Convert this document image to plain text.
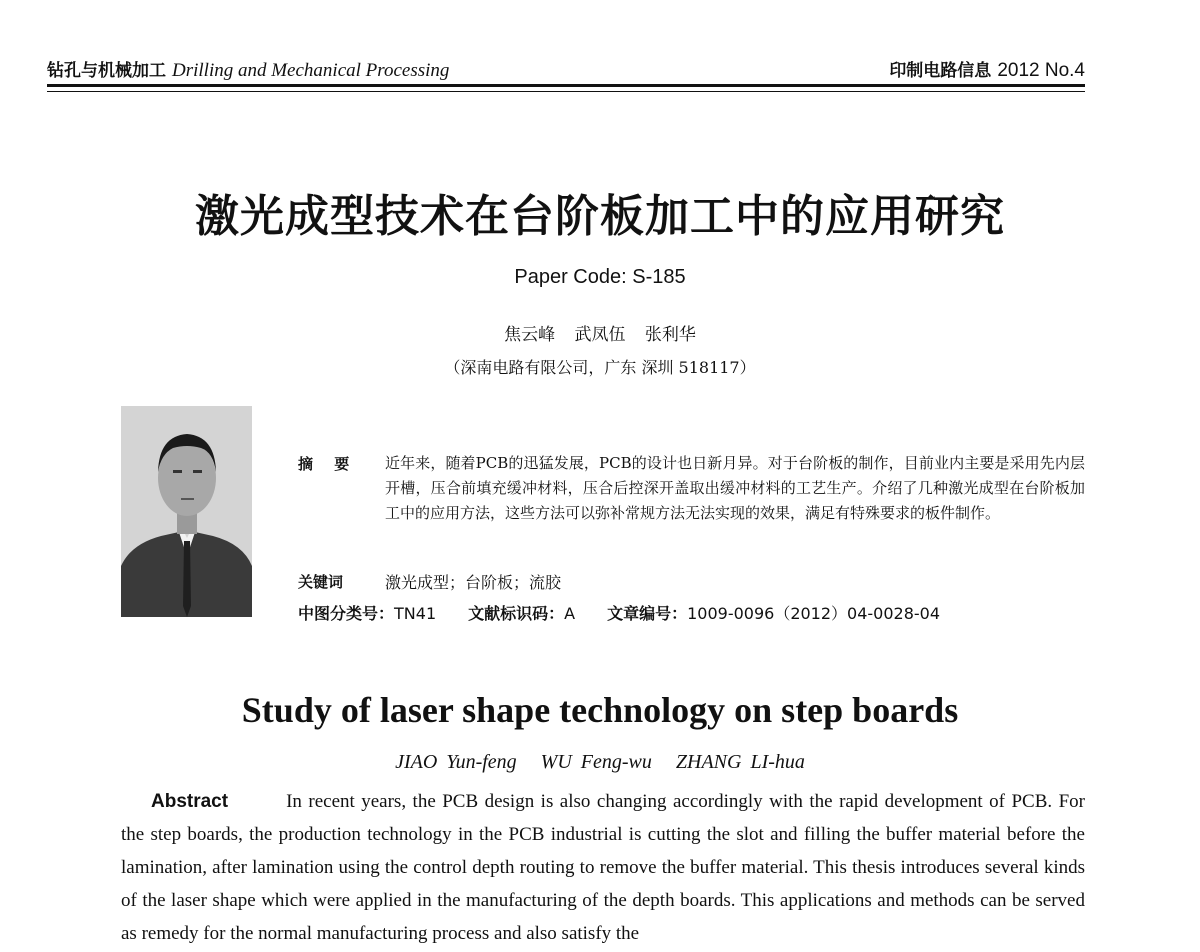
钻孔与机械加工 Drilling and Mechanical Processing	印制电路信息 2012 No.4
激光成型技术在台阶板加工中的应用研究
Paper Code: S-185
焦云峰 武凤伍 张利华
（深南电路有限公司，广东 深圳 518117）
摘 要 近年来，随着PCB的迅猛发展，PCB的设计也日新月异。对于台阶板的制作，目前业内主要是采用先内层开槽，压合前填充缓冲材料，压合后控深开盖取出缓冲材料的工艺生产。介绍了几种激光成型在台阶板加工中的应用方法，这些方法可以弥补常规方法无法实现的效果，满足有特殊要求的板件制作。
关键词	激光成型；台阶板；流胶
中图分类号：TN41 文献标识码：A 文章编号：1009-0096（2012）04-0028-04
Study of laser shape technology on step boards
JIAO Yun-feng WU Feng-wu ZHANG LI-hua
Abstract	In recent years, the PCB design is also changing accordingly with the rapid development of PCB. For the step boards, the production technology in the PCB industrial is cutting the slot and filling the buffer material before the lamination, after lamination using the control depth routing to remove the buffer material. This thesis introduces several kinds of the laser shape which were applied in the manufacturing of the depth boards. This applications and methods can be served as remedy for the normal manufacturing process and also satisfy the
